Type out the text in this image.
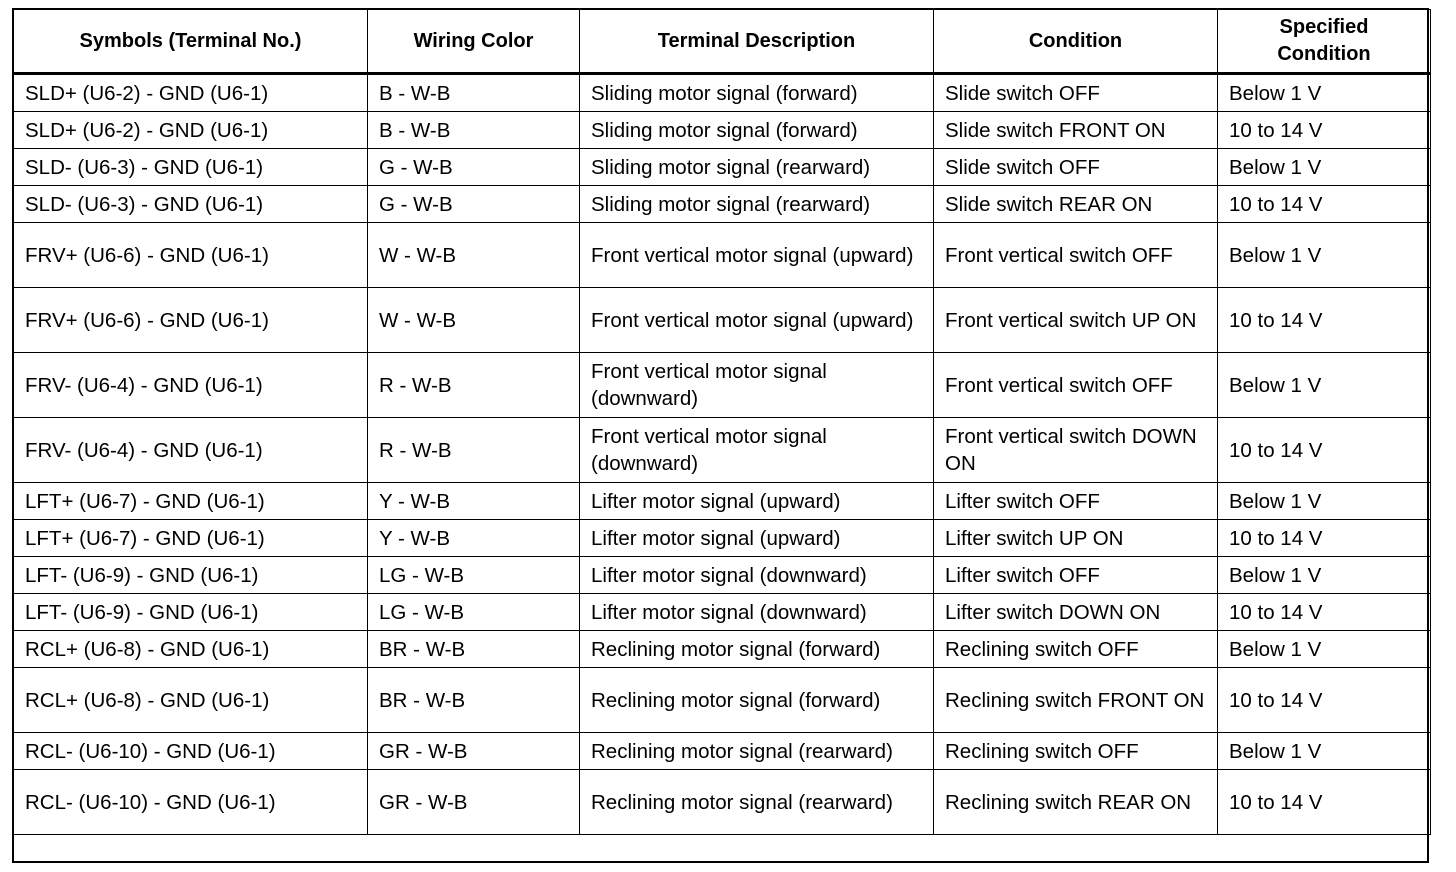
Symbols (Terminal No.)	Wiring Color	Terminal Description	Condition	Specified Condition
SLD+ (U6-2) - GND (U6-1)	B - W-B	Sliding motor signal (forward)	Slide switch OFF	Below 1 V
SLD+ (U6-2) - GND (U6-1)	B - W-B	Sliding motor signal (forward)	Slide switch FRONT ON	10 to 14 V
SLD- (U6-3) - GND (U6-1)	G - W-B	Sliding motor signal (rearward)	Slide switch OFF	Below 1 V
SLD- (U6-3) - GND (U6-1)	G - W-B	Sliding motor signal (rearward)	Slide switch REAR ON	10 to 14 V
FRV+ (U6-6) - GND (U6-1)	W - W-B	Front vertical motor signal (upward)	Front vertical switch OFF	Below 1 V
FRV+ (U6-6) - GND (U6-1)	W - W-B	Front vertical motor signal (upward)	Front vertical switch UP ON	10 to 14 V
FRV- (U6-4) - GND (U6-1)	R - W-B	Front vertical motor signal (downward)	Front vertical switch OFF	Below 1 V
FRV- (U6-4) - GND (U6-1)	R - W-B	Front vertical motor signal (downward)	Front vertical switch DOWN ON	10 to 14 V
LFT+ (U6-7) - GND (U6-1)	Y - W-B	Lifter motor signal (upward)	Lifter switch OFF	Below 1 V
LFT+ (U6-7) - GND (U6-1)	Y - W-B	Lifter motor signal (upward)	Lifter switch UP ON	10 to 14 V
LFT- (U6-9) - GND (U6-1)	LG - W-B	Lifter motor signal (downward)	Lifter switch OFF	Below 1 V
LFT- (U6-9) - GND (U6-1)	LG - W-B	Lifter motor signal (downward)	Lifter switch DOWN ON	10 to 14 V
RCL+ (U6-8) - GND (U6-1)	BR - W-B	Reclining motor signal (forward)	Reclining switch OFF	Below 1 V
RCL+ (U6-8) - GND (U6-1)	BR - W-B	Reclining motor signal (forward)	Reclining switch FRONT ON	10 to 14 V
RCL- (U6-10) - GND (U6-1)	GR - W-B	Reclining motor signal (rearward)	Reclining switch OFF	Below 1 V
RCL- (U6-10) - GND (U6-1)	GR - W-B	Reclining motor signal (rearward)	Reclining switch REAR ON	10 to 14 V
